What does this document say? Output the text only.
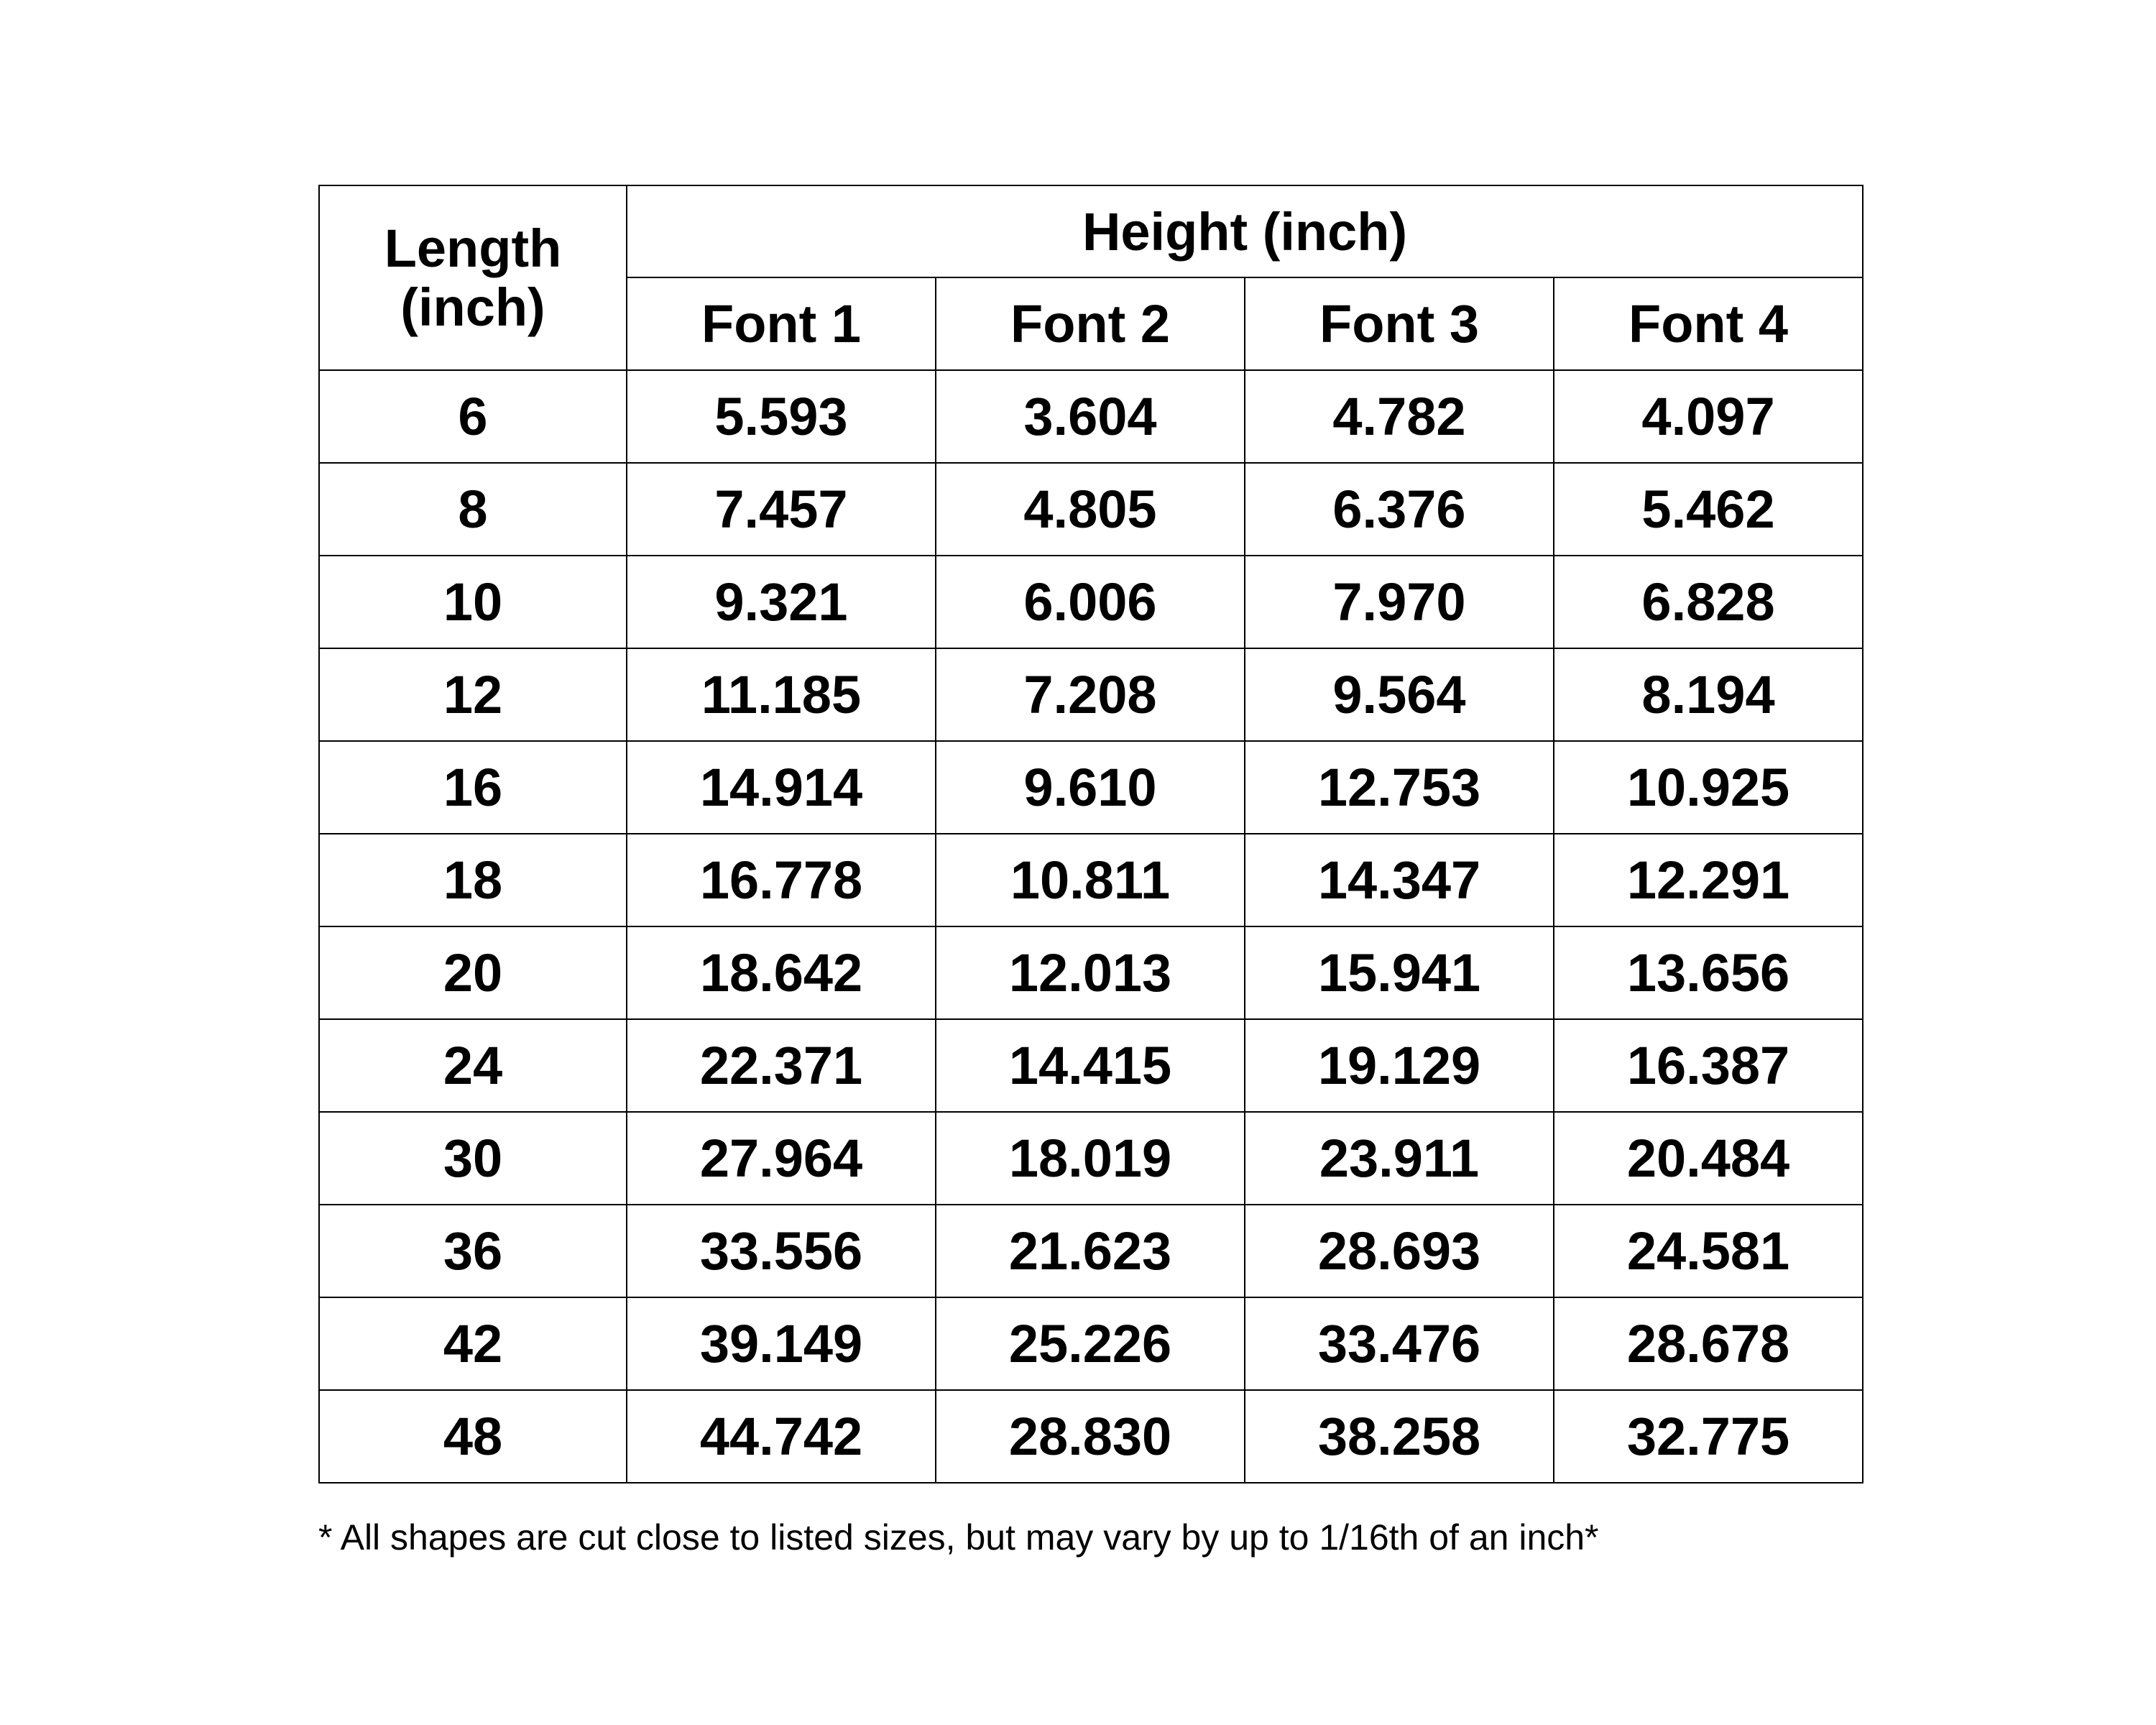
Length
(inch)	Height (inch)			
	Font 1	Font 2	Font 3	Font 4
6	5.593	3.604	4.782	4.097
8	7.457	4.805	6.376	5.462
10	9.321	6.006	7.970	6.828
12	11.185	7.208	9.564	8.194
16	14.914	9.610	12.753	10.925
18	16.778	10.811	14.347	12.291
20	18.642	12.013	15.941	13.656
24	22.371	14.415	19.129	16.387
30	27.964	18.019	23.911	20.484
36	33.556	21.623	28.693	24.581
42	39.149	25.226	33.476	28.678
48	44.742	28.830	38.258	32.775
* All shapes are cut close to listed sizes, but may vary by up to 1/16th of an inch*
